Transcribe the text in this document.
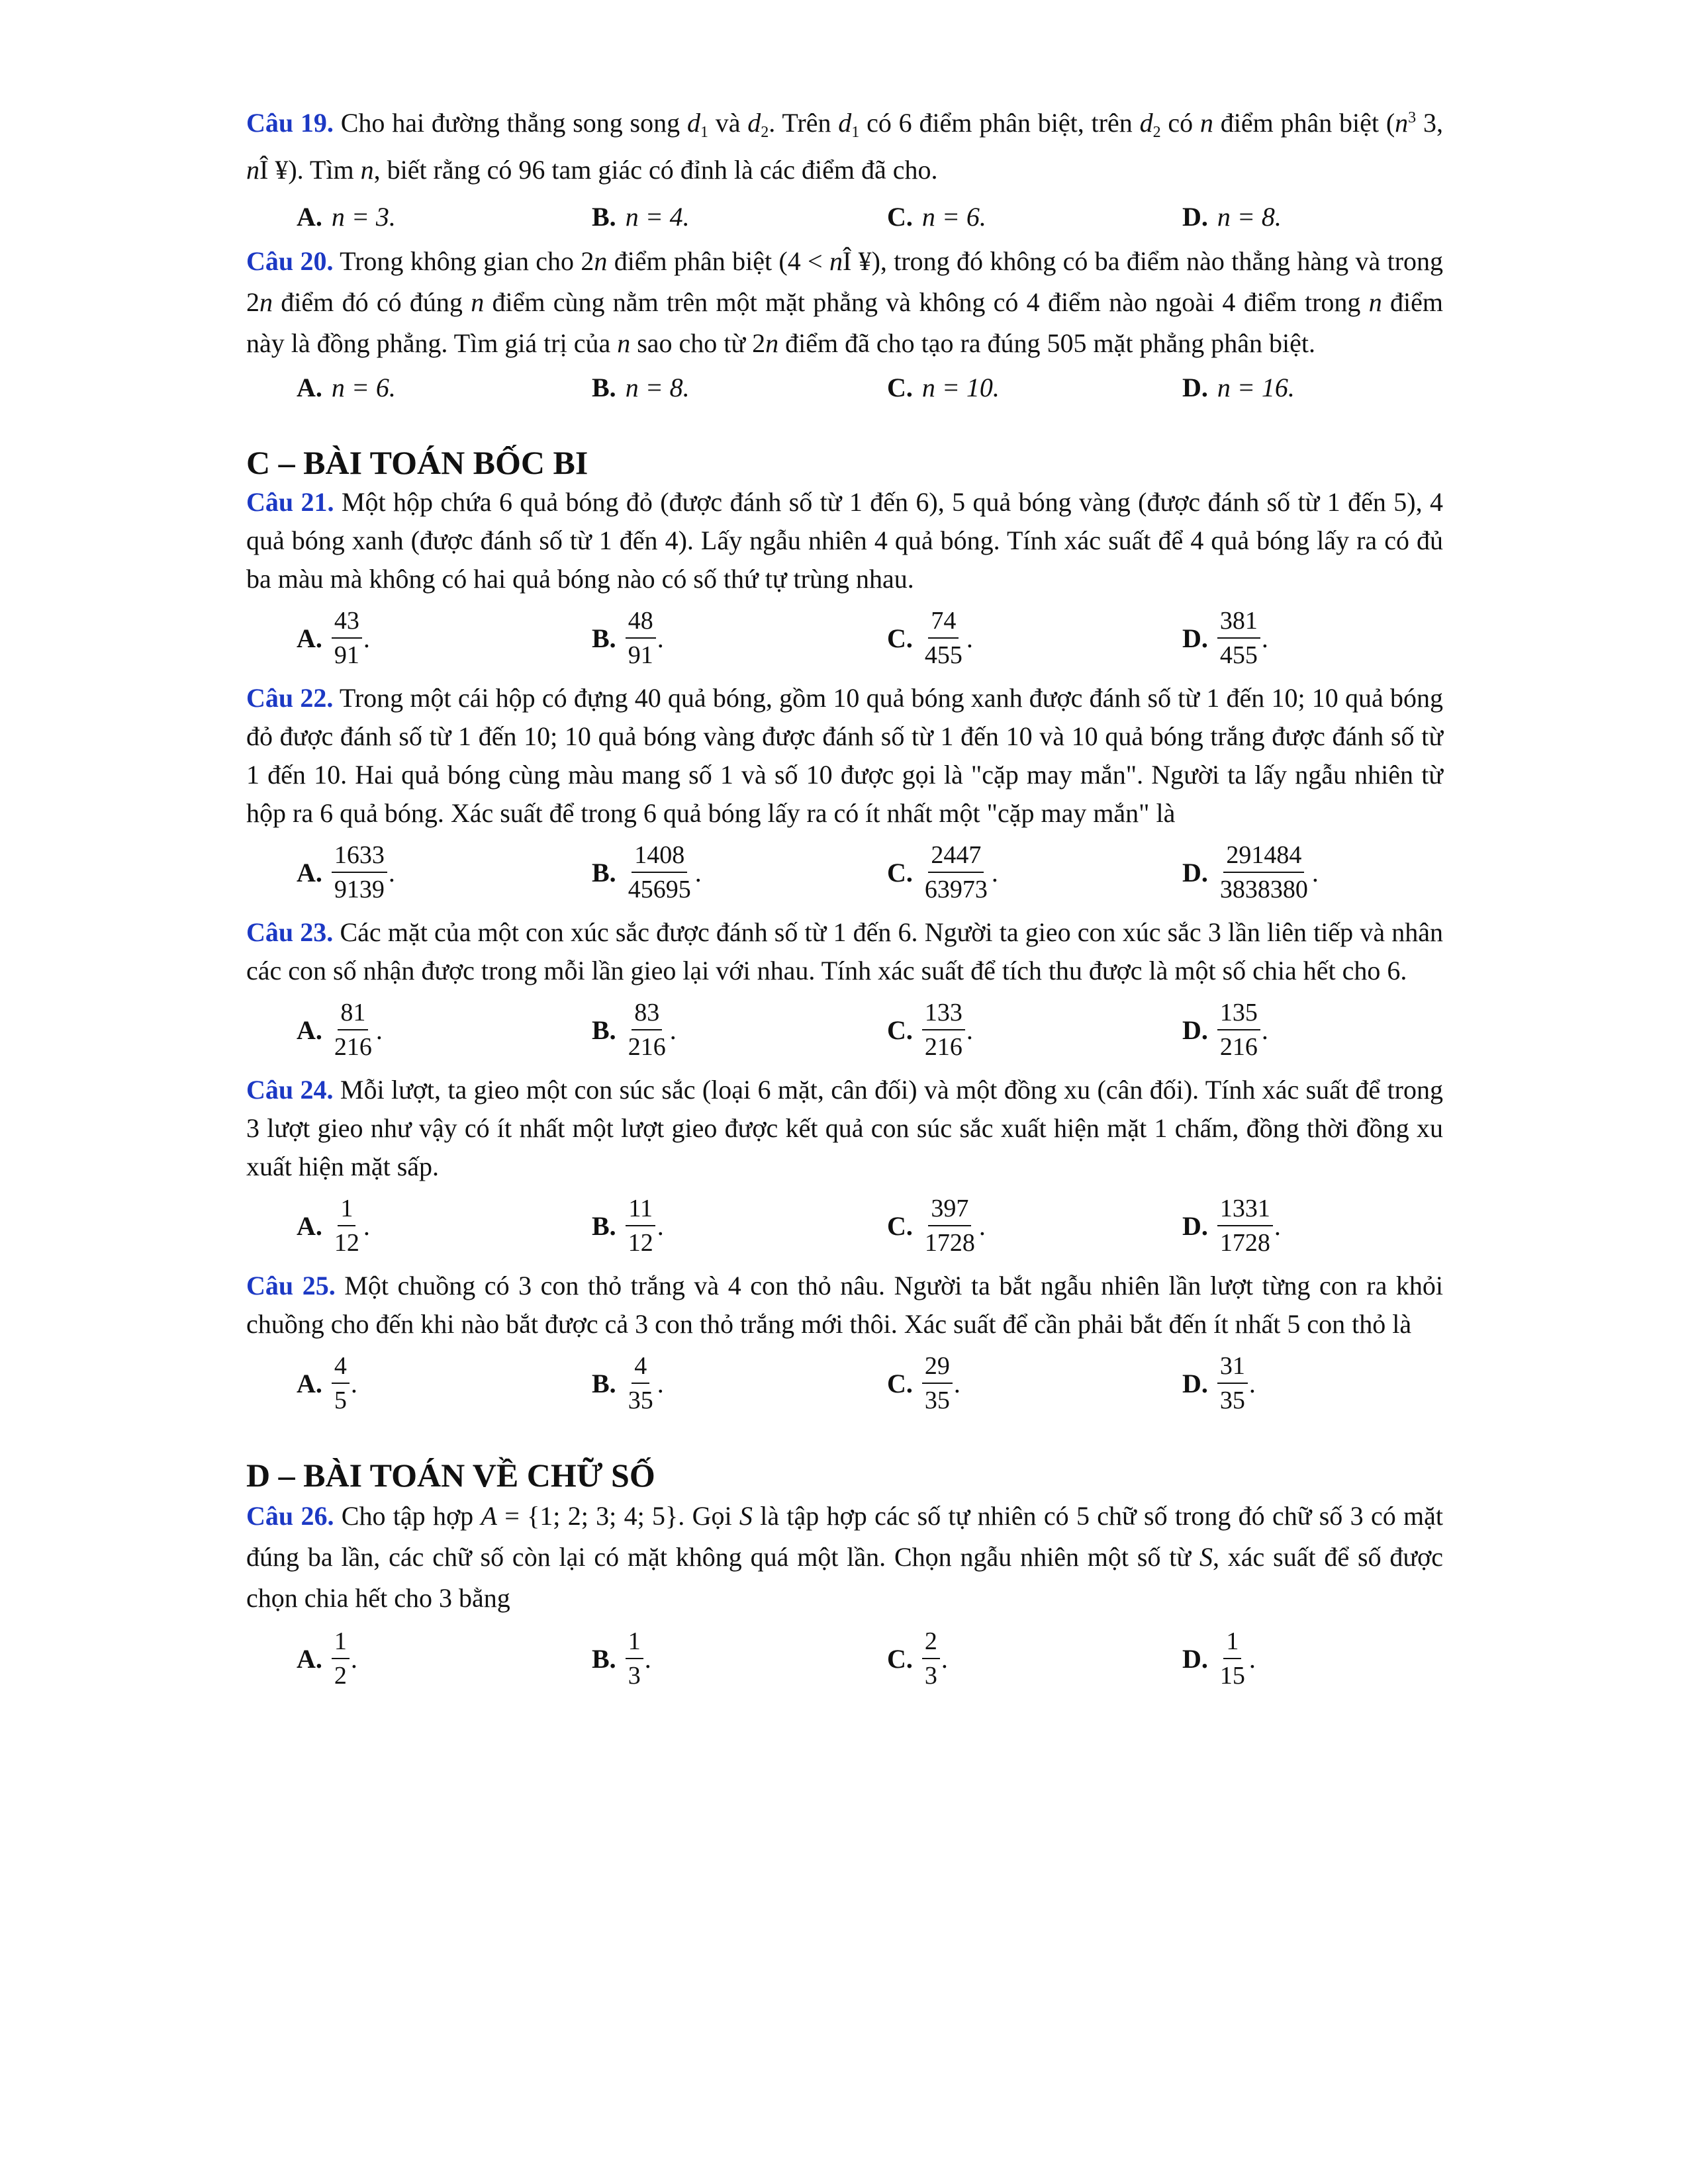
Câu 19. Cho hai đường thẳng song song $d_1$ và $d_2$. Trên $d_1$ có 6 điểm phân biệt, trên $d_2$ có n điểm phân biệt ($n^3$ 3, nÎ ¥). Tìm n, biết rằng có 96 tam giác có đỉnh là các điểm đã cho.

A. n = 3.	B. n = 4.	C. n = 6.	D. n = 8.

Câu 20. Trong không gian cho 2n điểm phân biệt (4 < nÎ ¥), trong đó không có ba điểm nào thẳng hàng và trong 2n điểm đó có đúng n điểm cùng nằm trên một mặt phẳng và không có 4 điểm nào ngoài 4 điểm trong n điểm này là đồng phẳng. Tìm giá trị của n sao cho từ 2n điểm đã cho tạo ra đúng 505 mặt phẳng phân biệt.

A. n = 6.	B. n = 8.	C. n = 10.	D. n = 16.
C – BÀI TOÁN BỐC BI

Câu 21. Một hộp chứa 6 quả bóng đỏ (được đánh số từ 1 đến 6), 5 quả bóng vàng (được đánh số từ 1 đến 5), 4 quả bóng xanh (được đánh số từ 1 đến 4). Lấy ngẫu nhiên 4 quả bóng. Tính xác suất để 4 quả bóng lấy ra có đủ ba màu mà không có hai quả bóng nào có số thứ tự trùng nhau.

A. $\frac{43}{91}$ .	B. $\frac{48}{91}$ .	C. $\frac{74}{455}$ .	D. $\frac{381}{455}$ .

Câu 22. Trong một cái hộp có đựng 40 quả bóng, gồm 10 quả bóng xanh được đánh số từ 1 đến 10; 10 quả bóng đỏ được đánh số từ 1 đến 10; 10 quả bóng vàng được đánh số từ 1 đến 10 và 10 quả bóng trắng được đánh số từ 1 đến 10. Hai quả bóng cùng màu mang số 1 và số 10 được gọi là "cặp may mắn". Người ta lấy ngẫu nhiên từ hộp ra 6 quả bóng. Xác suất để trong 6 quả bóng lấy ra có ít nhất một "cặp may mắn" là

A. $\frac{1633}{9139}$ .	B. $\frac{1408}{45695}$ .	C. $\frac{2447}{63973}$ .	D. $\frac{291484}{3838380}$ .

Câu 23. Các mặt của một con xúc sắc được đánh số từ 1 đến 6. Người ta gieo con xúc sắc 3 lần liên tiếp và nhân các con số nhận được trong mỗi lần gieo lại với nhau. Tính xác suất để tích thu được là một số chia hết cho 6.

A. $\frac{81}{216}$ .	B. $\frac{83}{216}$ .	C. $\frac{133}{216}$ .	D. $\frac{135}{216}$ .

Câu 24. Mỗi lượt, ta gieo một con súc sắc (loại 6 mặt, cân đối) và một đồng xu (cân đối). Tính xác suất để trong 3 lượt gieo như vậy có ít nhất một lượt gieo được kết quả con súc sắc xuất hiện mặt 1 chấm, đồng thời đồng xu xuất hiện mặt sấp.

A. $\frac{1}{12}$ .	B. $\frac{11}{12}$ .	C. $\frac{397}{1728}$ .	D. $\frac{1331}{1728}$ .

Câu 25. Một chuồng có 3 con thỏ trắng và 4 con thỏ nâu. Người ta bắt ngẫu nhiên lần lượt từng con ra khỏi chuồng cho đến khi nào bắt được cả 3 con thỏ trắng mới thôi. Xác suất để cần phải bắt đến ít nhất 5 con thỏ là

A. $\frac{4}{5}$ .	B. $\frac{4}{35}$ .	C. $\frac{29}{35}$ .	D. $\frac{31}{35}$ .
D – BÀI TOÁN VỀ CHỮ SỐ

Câu 26. Cho tập hợp A = {1; 2; 3; 4; 5}. Gọi S là tập hợp các số tự nhiên có 5 chữ số trong đó chữ số 3 có mặt đúng ba lần, các chữ số còn lại có mặt không quá một lần. Chọn ngẫu nhiên một số từ S, xác suất để số được chọn chia hết cho 3 bằng

A. $\frac{1}{2}$ .	B. $\frac{1}{3}$ .	C. $\frac{2}{3}$ .	D. $\frac{1}{15}$ .
